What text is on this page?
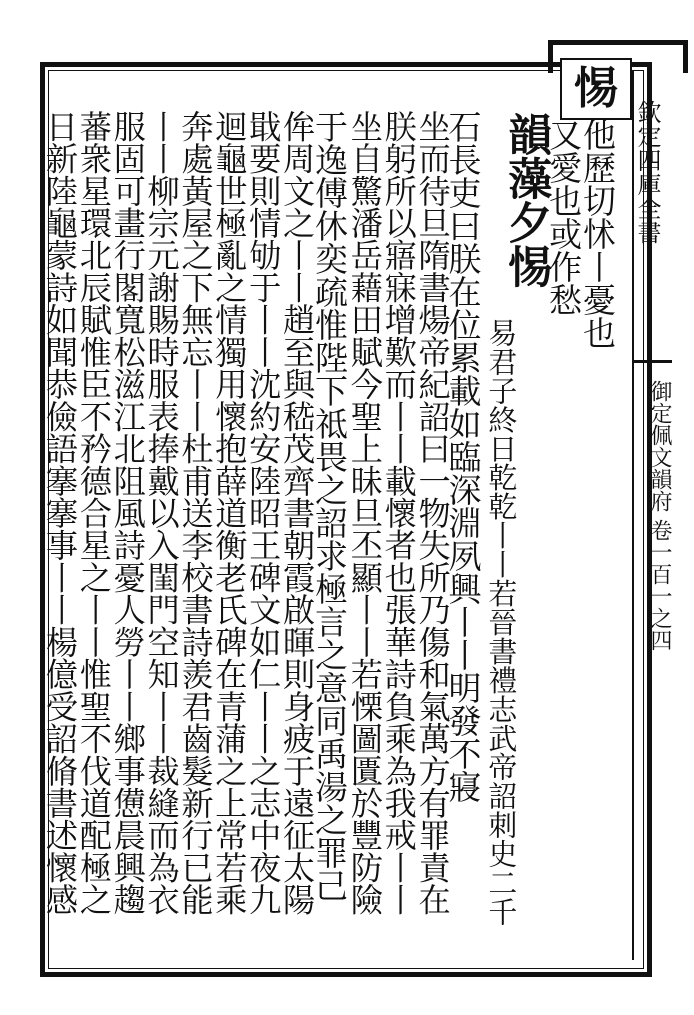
欽定四庫全書
御定佩文韻府 卷一百一之四
惕
他歷切怵丨憂也
又愛也或作愁
韻藻夕惕
易君子終日乾乾丨丨若晉書禮志武帝詔刺史二千
石長吏曰朕在位累載如臨深淵夙興丨丨明發不寢
坐而待旦隋書煬帝紀詔曰一物失所乃傷和氣萬方有罪責在
朕躬所以寤寐增歎而丨丨載懷者也張華詩負乘為我戒丨丨
坐自驚潘岳藉田賦今聖上昧旦丕顯丨丨若慄圖匱於豐防險
于逸傅休奕疏惟陛下祗畏之詔求極言之意同禹湯之罪己
侔周文之丨丨趙至與嵇茂齊書朝霞啟暉則身疲于遠征太陽
戢要則情劬于丨丨沈約安陸昭王碑文如仁丨丨之志中夜九
迴龜世極亂之情獨用懷抱薛道衡老氏碑在青蒲之上常若乘
奔處黃屋之下無忘丨丨杜甫送李校書詩羨君齒髮新行已能
丨丨柳宗元謝賜時服表捧戴以入閨門空知丨丨裁縫而為衣
服固可畫行閣寬松滋江北阻風詩憂人勞丨丨鄉事憊晨興趨
蕃衆星環北辰賦惟臣不矜德合星之丨丨惟聖不伐道配極之
日新陸龜蒙詩如聞恭儉語搴搴事丨丨楊億受詔脩書述懷感
